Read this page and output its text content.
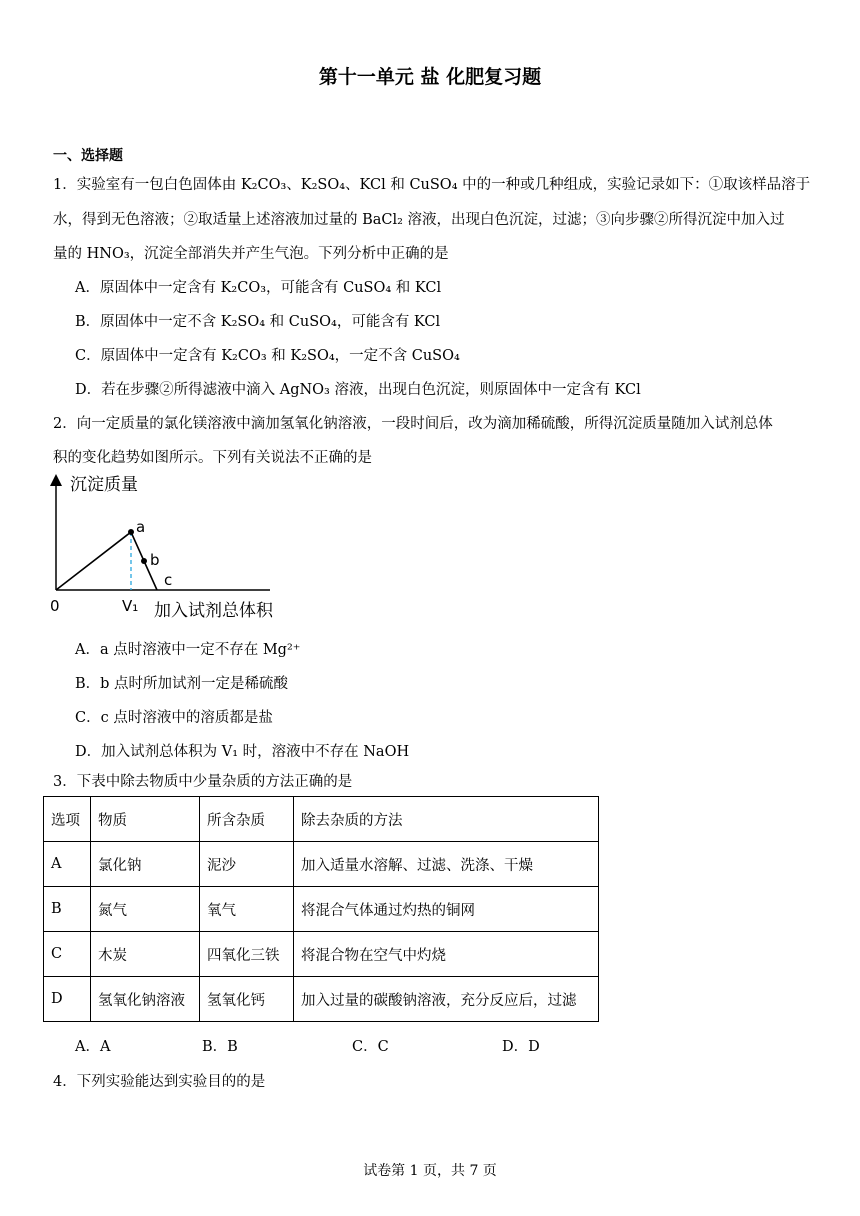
第十一单元 盐 化肥复习题
一、选择题
1．实验室有一包白色固体由 K₂CO₃、K₂SO₄、KCl 和 CuSO₄ 中的一种或几种组成，实验记录如下：①取该样品溶于
水，得到无色溶液；②取适量上述溶液加过量的 BaCl₂ 溶液，出现白色沉淀，过滤；③向步骤②所得沉淀中加入过
量的 HNO₃，沉淀全部消失并产生气泡。下列分析中正确的是
A．原固体中一定含有 K₂CO₃，可能含有 CuSO₄ 和 KCl
B．原固体中一定不含 K₂SO₄ 和 CuSO₄，可能含有 KCl
C．原固体中一定含有 K₂CO₃ 和 K₂SO₄，一定不含 CuSO₄
D．若在步骤②所得滤液中滴入 AgNO₃ 溶液，出现白色沉淀，则原固体中一定含有 KCl
2．向一定质量的氯化镁溶液中滴加氢氧化钠溶液，一段时间后，改为滴加稀硫酸，所得沉淀质量随加入试剂总体
积的变化趋势如图所示。下列有关说法不正确的是
沉淀质量
a
b
c
0	V₁ 加入试剂总体积
A．a 点时溶液中一定不存在 Mg²⁺
B．b 点时所加试剂一定是稀硫酸
C．c 点时溶液中的溶质都是盐
D．加入试剂总体积为 V₁ 时，溶液中不存在 NaOH
3．下表中除去物质中少量杂质的方法正确的是
选项	物质	所含杂质	除去杂质的方法
A	氯化钠	泥沙	加入适量水溶解、过滤、洗涤、干燥
B	氮气	氧气	将混合气体通过灼热的铜网
C	木炭	四氧化三铁	将混合物在空气中灼烧
D	氢氧化钠溶液	氢氧化钙	加入过量的碳酸钠溶液，充分反应后，过滤
A．A	B．B	C．C	D．D
4．下列实验能达到实验目的的是
试卷第 1 页，共 7 页
